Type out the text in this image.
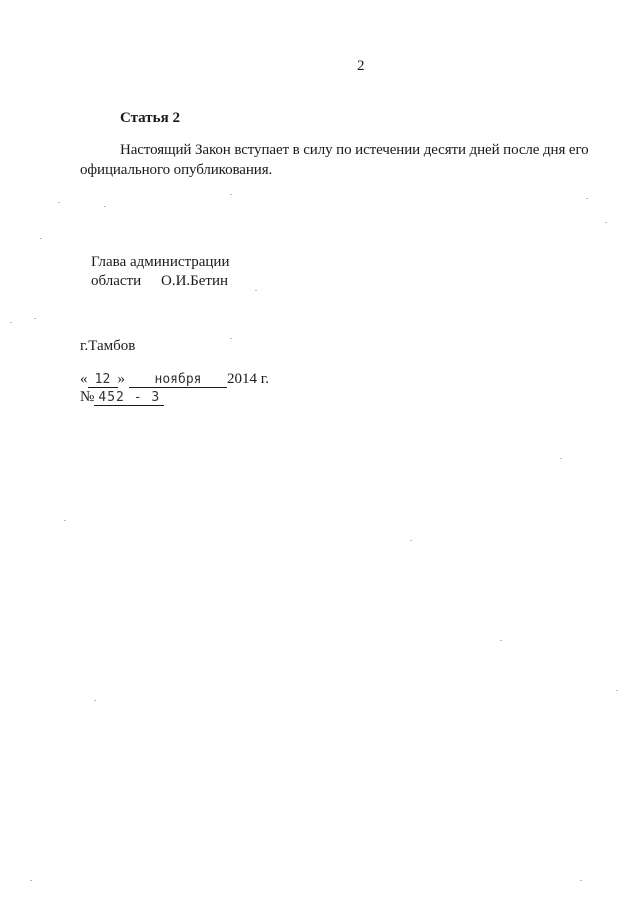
2
Статья 2
Настоящий Закон вступает в силу по истечении десяти дней после дня его
официального опубликования.
Глава администрации
области О.И.Бетин
г.Тамбов
« 12 » ноября 2014 г.
№ 452 - З
